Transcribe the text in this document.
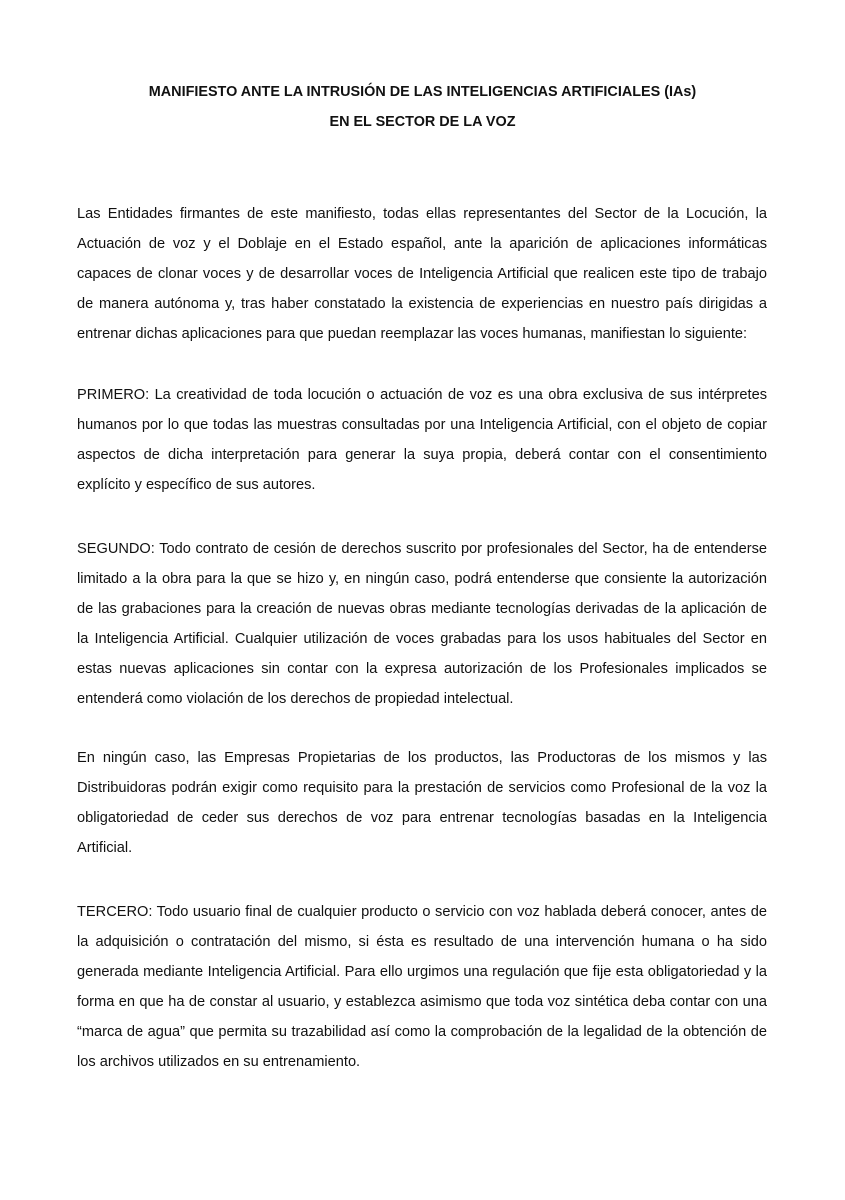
MANIFIESTO ANTE LA INTRUSIÓN DE LAS INTELIGENCIAS ARTIFICIALES (IAs)
EN EL SECTOR DE LA VOZ
Las Entidades firmantes de este manifiesto, todas ellas representantes del Sector de la Locución, la Actuación de voz y el Doblaje en el Estado español, ante la aparición de aplicaciones informáticas capaces de clonar voces y de desarrollar voces de Inteligencia Artificial que realicen este tipo de trabajo de manera autónoma y, tras haber constatado la existencia de experiencias en nuestro país dirigidas a entrenar dichas aplicaciones para que puedan reemplazar las voces humanas, manifiestan lo siguiente:
PRIMERO: La creatividad de toda locución o actuación de voz es una obra exclusiva de sus intérpretes humanos por lo que todas las muestras consultadas por una Inteligencia Artificial, con el objeto de copiar aspectos de dicha interpretación para generar la suya propia, deberá contar con el consentimiento explícito y específico de sus autores.
SEGUNDO: Todo contrato de cesión de derechos suscrito por profesionales del Sector, ha de entenderse limitado a la obra para la que se hizo y, en ningún caso, podrá entenderse que consiente la autorización de las grabaciones para la creación de nuevas obras mediante tecnologías derivadas de la aplicación de la Inteligencia Artificial. Cualquier utilización de voces grabadas para los usos habituales del Sector en estas nuevas aplicaciones sin contar con la expresa autorización de los Profesionales implicados se entenderá como violación de los derechos de propiedad intelectual.
En ningún caso, las Empresas Propietarias de los productos, las Productoras de los mismos y las Distribuidoras podrán exigir como requisito para la prestación de servicios como Profesional de la voz la obligatoriedad de ceder sus derechos de voz para entrenar tecnologías basadas en la Inteligencia Artificial.
TERCERO: Todo usuario final de cualquier producto o servicio con voz hablada deberá conocer, antes de la adquisición o contratación del mismo, si ésta es resultado de una intervención humana o ha sido generada mediante Inteligencia Artificial. Para ello urgimos una regulación que fije esta obligatoriedad y la forma en que ha de constar al usuario, y establezca asimismo que toda voz sintética deba contar con una “marca de agua” que permita su trazabilidad así como la comprobación de la legalidad de la obtención de los archivos utilizados en su entrenamiento.
